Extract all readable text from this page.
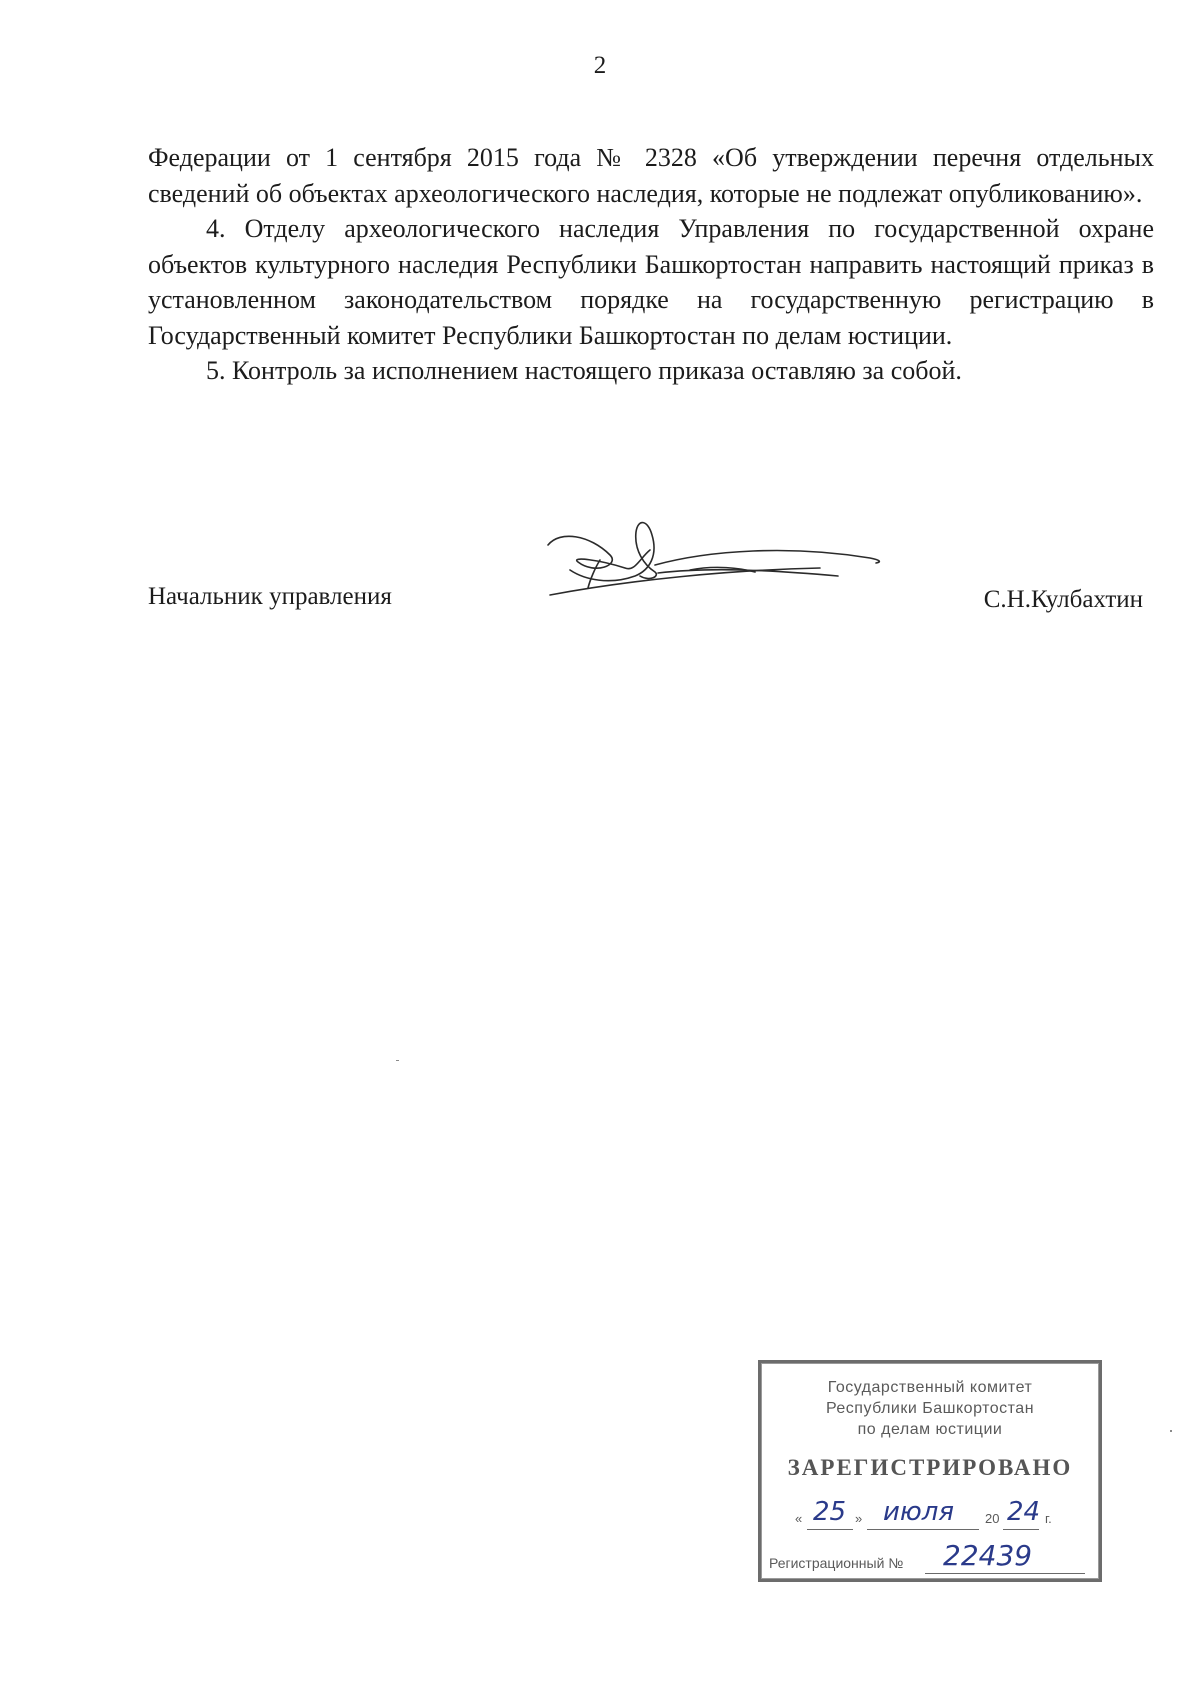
2

Федерации от 1 сентября 2015 года № 2328 «Об утверждении перечня отдельных сведений об объектах археологического наследия, которые не подлежат опубликованию».

4. Отделу археологического наследия Управления по государственной охране объектов культурного наследия Республики Башкортостан направить настоящий приказ в установленном законодательством порядке на государственную регистрацию в Государственный комитет Республики Башкортостан по делам юстиции.

5. Контроль за исполнением настоящего приказа оставляю за собой.

Начальник управления	С.Н.Кулбахтин
Государственный комитет
Республики Башкортостан
по делам юстиции
ЗАРЕГИСТРИРОВАНО
« 25 » июля 20 24 г.
Регистрационный № 22439
